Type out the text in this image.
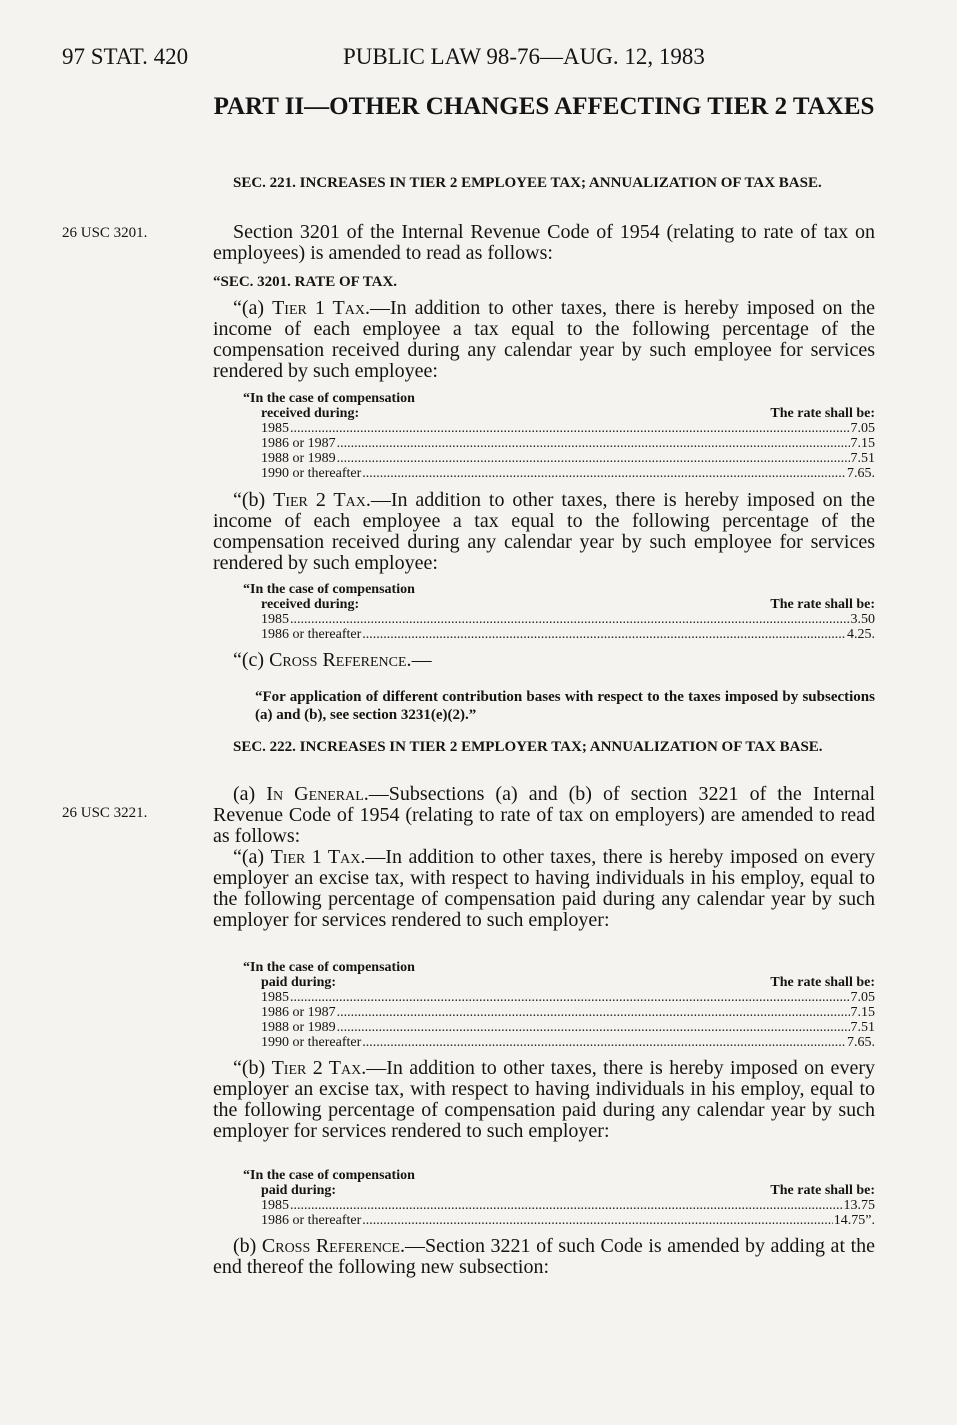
97 STAT. 420	PUBLIC LAW 98-76—AUG. 12, 1983
PART II—OTHER CHANGES AFFECTING TIER 2 TAXES
SEC. 221. INCREASES IN TIER 2 EMPLOYEE TAX; ANNUALIZATION OF TAX BASE.
26 USC 3201.	Section 3201 of the Internal Revenue Code of 1954 (relating to rate of tax on employees) is amended to read as follows:
“SEC. 3201. RATE OF TAX.
“(a) Tier 1 Tax.—In addition to other taxes, there is hereby imposed on the income of each employee a tax equal to the following percentage of the compensation received during any calendar year by such employee for services rendered by such employee:
“In the case of compensation
received during:	The rate shall be:
1985 .....	7.05
1986 or 1987 .....	7.15
1988 or 1989 .....	7.51
1990 or thereafter .....	7.65.
“(b) Tier 2 Tax.—In addition to other taxes, there is hereby imposed on the income of each employee a tax equal to the following percentage of the compensation received during any calendar year by such employee for services rendered by such employee:
“In the case of compensation
received during:	The rate shall be:
1985 .....	3.50
1986 or thereafter .....	4.25.
“(c) Cross Reference.—
“For application of different contribution bases with respect to the taxes imposed by subsections (a) and (b), see section 3231(e)(2).”
SEC. 222. INCREASES IN TIER 2 EMPLOYER TAX; ANNUALIZATION OF TAX BASE.
26 USC 3221.
(a) In General.—Subsections (a) and (b) of section 3221 of the Internal Revenue Code of 1954 (relating to rate of tax on employers) are amended to read as follows:
“(a) Tier 1 Tax.—In addition to other taxes, there is hereby imposed on every employer an excise tax, with respect to having individuals in his employ, equal to the following percentage of compensation paid during any calendar year by such employer for services rendered to such employer:
“In the case of compensation
paid during:	The rate shall be:
1985 .....	7.05
1986 or 1987 .....	7.15
1988 or 1989 .....	7.51
1990 or thereafter .....	7.65.
“(b) Tier 2 Tax.—In addition to other taxes, there is hereby imposed on every employer an excise tax, with respect to having individuals in his employ, equal to the following percentage of compensation paid during any calendar year by such employer for services rendered to such employer:
“In the case of compensation
paid during:	The rate shall be:
1985 .....	13.75
1986 or thereafter .....	14.75”.
(b) Cross Reference.—Section 3221 of such Code is amended by adding at the end thereof the following new subsection:
